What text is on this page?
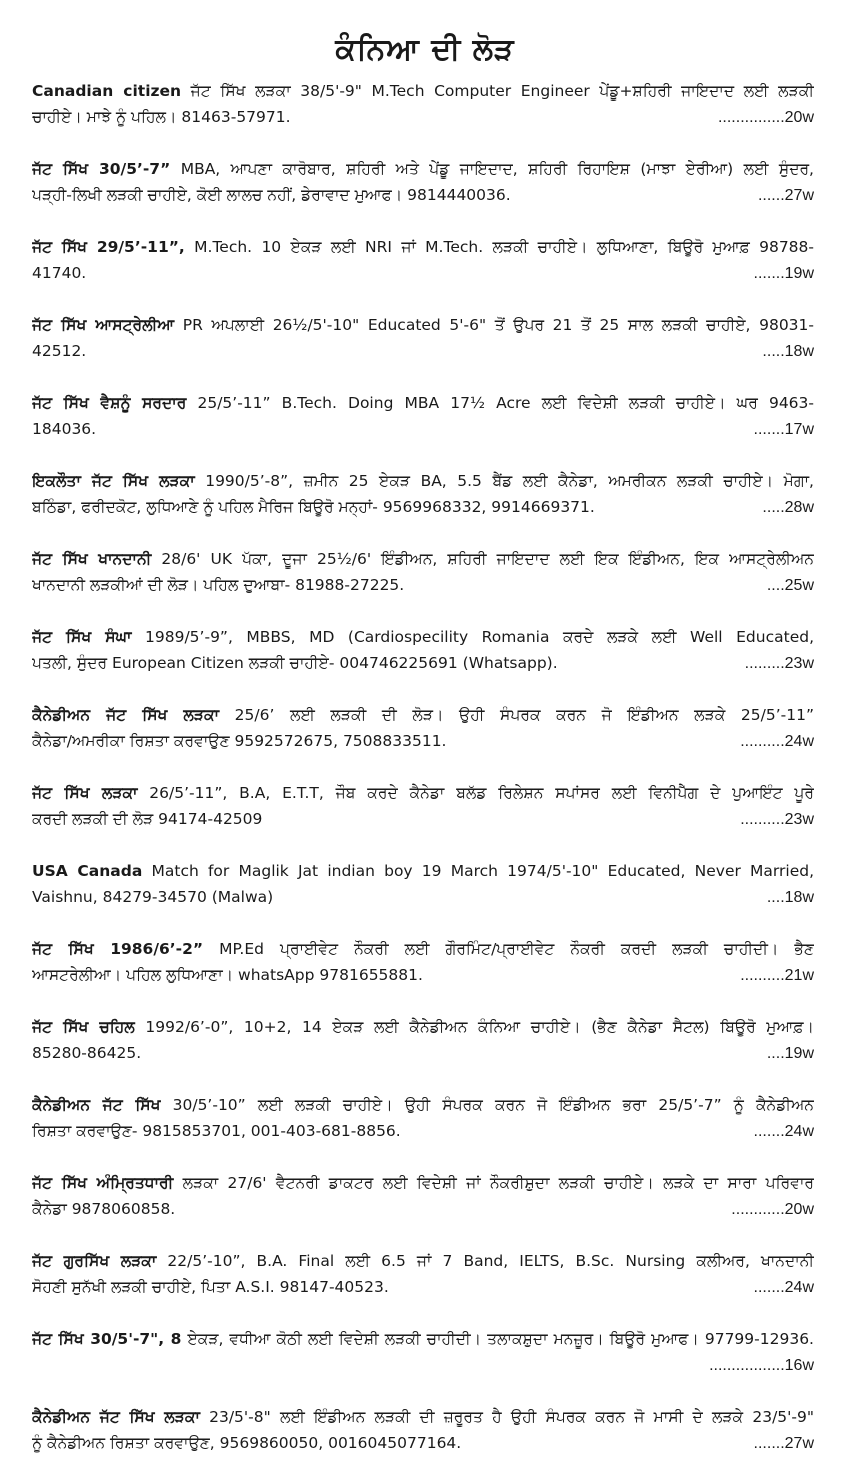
ਕੰਨਿਆ ਦੀ ਲੋੜ
Canadian citizen ਜੱਟ ਸਿੱਖ ਲੜਕਾ 38/5'-9" M.Tech Computer Engineer ਪੇਂਡੂ+ਸ਼ਹਿਰੀ ਜਾਇਦਾਦ ਲਈ ਲੜਕੀ
ਚਾਹੀਏ। ਮਾਝੇ ਨੂੰ ਪਹਿਲ। 81463-57971.	...............20w
ਜੱਟ ਸਿੱਖ 30/5’-7” MBA, ਆਪਣਾ ਕਾਰੋਬਾਰ, ਸ਼ਹਿਰੀ ਅਤੇ ਪੇਂਡੂ ਜਾਇਦਾਦ, ਸ਼ਹਿਰੀ ਰਿਹਾਇਸ਼ (ਮਾਝਾ ਏਰੀਆ) ਲਈ ਸੁੰਦਰ,
ਪੜ੍ਹੀ-ਲਿਖੀ ਲੜਕੀ ਚਾਹੀਏ, ਕੋਈ ਲਾਲਚ ਨਹੀਂ, ਡੇਰਾਵਾਦ ਮੁਆਫ। 9814440036.	......27w
ਜੱਟ ਸਿੱਖ 29/5’-11”, M.Tech. 10 ਏਕੜ ਲਈ NRI ਜਾਂ M.Tech. ਲੜਕੀ ਚਾਹੀਏ। ਲੁਧਿਆਣਾ, ਬਿਊਰੋ ਮੁਆਫ਼ 98788-
41740.	.......19w
ਜੱਟ ਸਿੱਖ ਆਸਟ੍ਰੇਲੀਆ PR ਅਪਲਾਈ 26½/5'-10" Educated 5'-6" ਤੋਂ ਉਪਰ 21 ਤੋਂ 25 ਸਾਲ ਲੜਕੀ ਚਾਹੀਏ, 98031-
42512.	.....18w
ਜੱਟ ਸਿੱਖ ਵੈਸ਼ਨੂੰ ਸਰਦਾਰ 25/5’-11” B.Tech. Doing MBA 17½ Acre ਲਈ ਵਿਦੇਸ਼ੀ ਲੜਕੀ ਚਾਹੀਏ। ਘਰ 9463-
184036.	.......17w
ਇਕਲੌਤਾ ਜੱਟ ਸਿੱਖ ਲੜਕਾ 1990/5’-8”, ਜ਼ਮੀਨ 25 ਏਕੜ BA, 5.5 ਬੈਂਡ ਲਈ ਕੈਨੇਡਾ, ਅਮਰੀਕਨ ਲੜਕੀ ਚਾਹੀਏ। ਮੋਗਾ,
ਬਠਿੰਡਾ, ਫਰੀਦਕੋਟ, ਲੁਧਿਆਣੇ ਨੂੰ ਪਹਿਲ ਮੈਰਿਜ ਬਿਊਰੋ ਮਨ੍ਹਾਂ- 9569968332, 9914669371.	.....28w
ਜੱਟ ਸਿੱਖ ਖਾਨਦਾਨੀ 28/6' UK ਪੱਕਾ, ਦੂਜਾ 25½/6' ਇੰਡੀਅਨ, ਸ਼ਹਿਰੀ ਜਾਇਦਾਦ ਲਈ ਇਕ ਇੰਡੀਅਨ, ਇਕ ਆਸਟ੍ਰੇਲੀਅਨ
ਖਾਨਦਾਨੀ ਲੜਕੀਆਂ ਦੀ ਲੋੜ। ਪਹਿਲ ਦੁਆਬਾ- 81988-27225.	....25w
ਜੱਟ ਸਿੱਖ ਸੰਘਾ 1989/5’-9”, MBBS, MD (Cardiospecility Romania ਕਰਦੇ ਲੜਕੇ ਲਈ Well Educated,
ਪਤਲੀ, ਸੁੰਦਰ European Citizen ਲੜਕੀ ਚਾਹੀਏ- 004746225691 (Whatsapp).	.........23w
ਕੈਨੇਡੀਅਨ ਜੱਟ ਸਿੱਖ ਲੜਕਾ 25/6’ ਲਈ ਲੜਕੀ ਦੀ ਲੋੜ। ਉਹੀ ਸੰਪਰਕ ਕਰਨ ਜੋ ਇੰਡੀਅਨ ਲੜਕੇ 25/5’-11”
ਕੈਨੇਡਾ/ਅਮਰੀਕਾ ਰਿਸ਼ਤਾ ਕਰਵਾਉਣ 9592572675, 7508833511.	..........24w
ਜੱਟ ਸਿੱਖ ਲੜਕਾ 26/5’-11”, B.A, E.T.T, ਜੌਬ ਕਰਦੇ ਕੈਨੇਡਾ ਬਲੱਡ ਰਿਲੇਸ਼ਨ ਸਪਾਂਸਰ ਲਈ ਵਿਨੀਪੈੱਗ ਦੇ ਪੁਆਇੰਟ ਪੂਰੇ
ਕਰਦੀ ਲੜਕੀ ਦੀ ਲੋੜ 94174-42509	..........23w
USA Canada Match for Maglik Jat indian boy 19 March 1974/5'-10" Educated, Never Married,
Vaishnu, 84279-34570 (Malwa)	....18w
ਜੱਟ ਸਿੱਖ 1986/6’-2” MP.Ed ਪ੍ਰਾਈਵੇਟ ਨੌਕਰੀ ਲਈ ਗੌਰਮਿੰਟ/ਪ੍ਰਾਈਵੇਟ ਨੌਕਰੀ ਕਰਦੀ ਲੜਕੀ ਚਾਹੀਦੀ। ਭੈਣ
ਆਸਟਰੇਲੀਆ। ਪਹਿਲ ਲੁਧਿਆਣਾ। whatsApp 9781655881.	..........21w
ਜੱਟ ਸਿੱਖ ਚਹਿਲ 1992/6’-0”, 10+2, 14 ਏਕੜ ਲਈ ਕੈਨੇਡੀਅਨ ਕੰਨਿਆ ਚਾਹੀਏ। (ਭੈਣ ਕੈਨੇਡਾ ਸੈਟਲ) ਬਿਊਰੋ ਮੁਆਫ਼।
85280-86425.	....19w
ਕੈਨੇਡੀਅਨ ਜੱਟ ਸਿੱਖ 30/5’-10” ਲਈ ਲੜਕੀ ਚਾਹੀਏ। ਉਹੀ ਸੰਪਰਕ ਕਰਨ ਜੋ ਇੰਡੀਅਨ ਭਰਾ 25/5’-7” ਨੂੰ ਕੈਨੇਡੀਅਨ
ਰਿਸ਼ਤਾ ਕਰਵਾਉਣ- 9815853701, 001-403-681-8856.	.......24w
ਜੱਟ ਸਿੱਖ ਅੰਮ੍ਰਿਤਧਾਰੀ ਲੜਕਾ 27/6' ਵੈਟਨਰੀ ਡਾਕਟਰ ਲਈ ਵਿਦੇਸ਼ੀ ਜਾਂ ਨੌਕਰੀਸ਼ੁਦਾ ਲੜਕੀ ਚਾਹੀਏ। ਲੜਕੇ ਦਾ ਸਾਰਾ ਪਰਿਵਾਰ
ਕੈਨੇਡਾ 9878060858.	............20w
ਜੱਟ ਗੁਰਸਿੱਖ ਲੜਕਾ 22/5’-10”, B.A. Final ਲਈ 6.5 ਜਾਂ 7 Band, IELTS, B.Sc. Nursing ਕਲੀਅਰ, ਖਾਨਦਾਨੀ
ਸੋਹਣੀ ਸੁਨੱਖੀ ਲੜਕੀ ਚਾਹੀਏ, ਪਿਤਾ A.S.I. 98147-40523.	.......24w
ਜੱਟ ਸਿੱਖ 30/5'-7", 8 ਏਕੜ, ਵਧੀਆ ਕੋਠੀ ਲਈ ਵਿਦੇਸ਼ੀ ਲੜਕੀ ਚਾਹੀਦੀ। ਤਲਾਕਸ਼ੁਦਾ ਮਨਜ਼ੂਰ। ਬਿਊਰੋ ਮੁਆਫ। 97799-12936.
.................16w
ਕੈਨੇਡੀਅਨ ਜੱਟ ਸਿੱਖ ਲੜਕਾ 23/5'-8" ਲਈ ਇੰਡੀਅਨ ਲੜਕੀ ਦੀ ਜ਼ਰੂਰਤ ਹੈ ਉਹੀ ਸੰਪਰਕ ਕਰਨ ਜੋ ਮਾਸੀ ਦੇ ਲੜਕੇ 23/5'-9"
ਨੂੰ ਕੈਨੇਡੀਅਨ ਰਿਸ਼ਤਾ ਕਰਵਾਉਣ, 9569860050, 0016045077164.	.......27w
